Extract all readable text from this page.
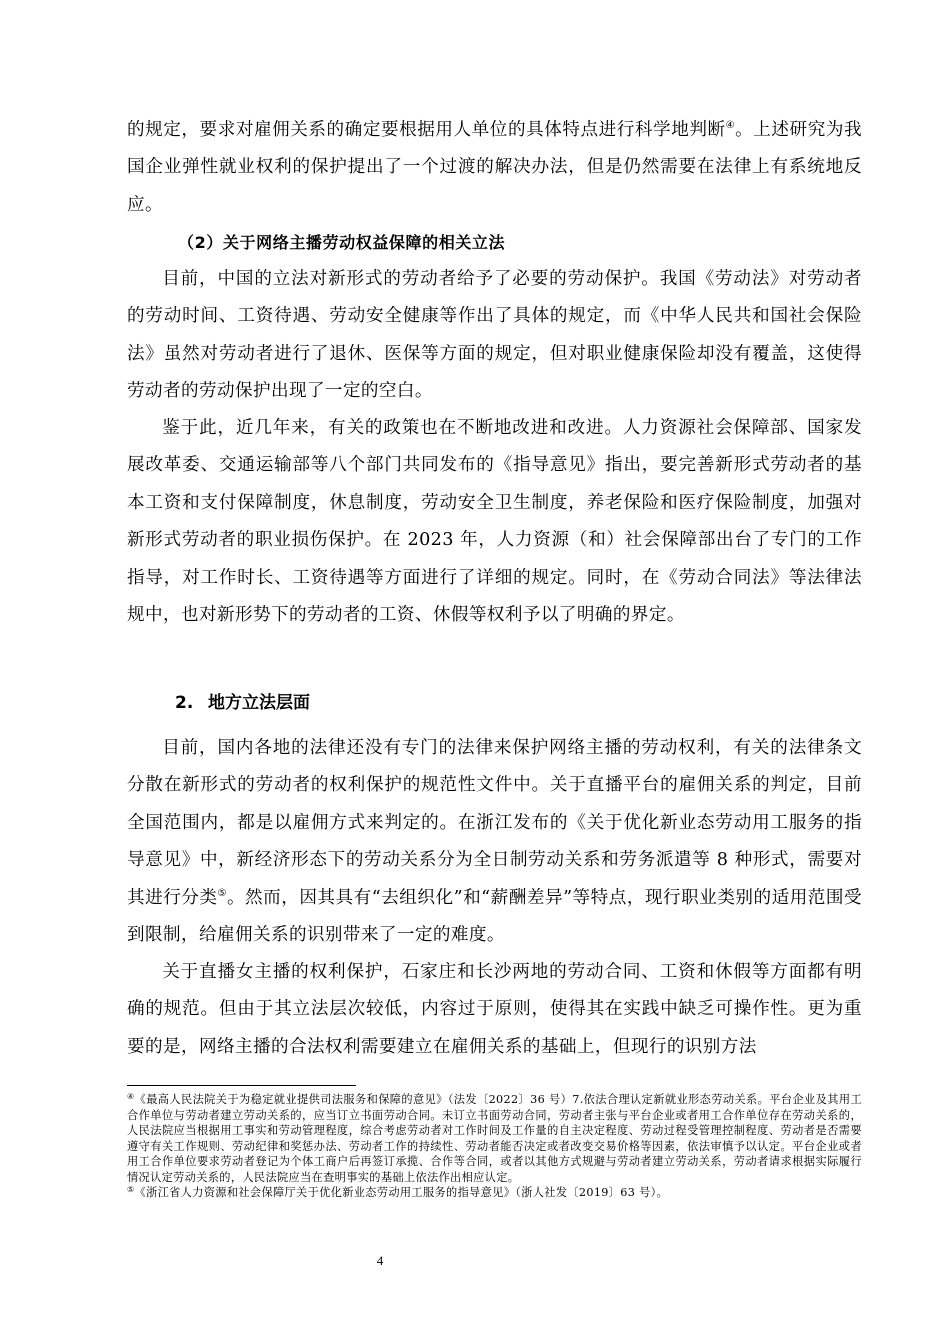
的规定，要求对雇佣关系的确定要根据用人单位的具体特点进行科学地判断④。上述研究为我国企业弹性就业权利的保护提出了一个过渡的解决办法，但是仍然需要在法律上有系统地反应。

（2）关于网络主播劳动权益保障的相关立法

目前，中国的立法对新形式的劳动者给予了必要的劳动保护。我国《劳动法》对劳动者的劳动时间、工资待遇、劳动安全健康等作出了具体的规定，而《中华人民共和国社会保险法》虽然对劳动者进行了退休、医保等方面的规定，但对职业健康保险却没有覆盖，这使得劳动者的劳动保护出现了一定的空白。

鉴于此，近几年来，有关的政策也在不断地改进和改进。人力资源社会保障部、国家发展改革委、交通运输部等八个部门共同发布的《指导意见》指出，要完善新形式劳动者的基本工资和支付保障制度，休息制度，劳动安全卫生制度，养老保险和医疗保险制度，加强对新形式劳动者的职业损伤保护。在 2023 年，人力资源（和）社会保障部出台了专门的工作指导，对工作时长、工资待遇等方面进行了详细的规定。同时，在《劳动合同法》等法律法规中，也对新形势下的劳动者的工资、休假等权利予以了明确的界定。

2. 地方立法层面

目前，国内各地的法律还没有专门的法律来保护网络主播的劳动权利，有关的法律条文分散在新形式的劳动者的权利保护的规范性文件中。关于直播平台的雇佣关系的判定，目前全国范围内，都是以雇佣方式来判定的。在浙江发布的《关于优化新业态劳动用工服务的指导意见》中，新经济形态下的劳动关系分为全日制劳动关系和劳务派遣等 8 种形式，需要对其进行分类⑤。然而，因其具有“去组织化”和“薪酬差异”等特点，现行职业类别的适用范围受到限制，给雇佣关系的识别带来了一定的难度。

关于直播女主播的权利保护，石家庄和长沙两地的劳动合同、工资和休假等方面都有明确的规范。但由于其立法层次较低，内容过于原则，使得其在实践中缺乏可操作性。更为重要的是，网络主播的合法权利需要建立在雇佣关系的基础上，但现行的识别方法

④《最高人民法院关于为稳定就业提供司法服务和保障的意见》（法发〔2022〕36 号）7.依法合理认定新就业形态劳动关系。平台企业及其用工合作单位与劳动者建立劳动关系的，应当订立书面劳动合同。未订立书面劳动合同，劳动者主张与平台企业或者用工合作单位存在劳动关系的，人民法院应当根据用工事实和劳动管理程度，综合考虑劳动者对工作时间及工作量的自主决定程度、劳动过程受管理控制程度、劳动者是否需要遵守有关工作规则、劳动纪律和奖惩办法、劳动者工作的持续性、劳动者能否决定或者改变交易价格等因素，依法审慎予以认定。平台企业或者用工合作单位要求劳动者登记为个体工商户后再签订承揽、合作等合同，或者以其他方式规避与劳动者建立劳动关系，劳动者请求根据实际履行情况认定劳动关系的，人民法院应当在查明事实的基础上依法作出相应认定。

⑤《浙江省人力资源和社会保障厅关于优化新业态劳动用工服务的指导意见》（浙人社发〔2019〕63 号）。

4
